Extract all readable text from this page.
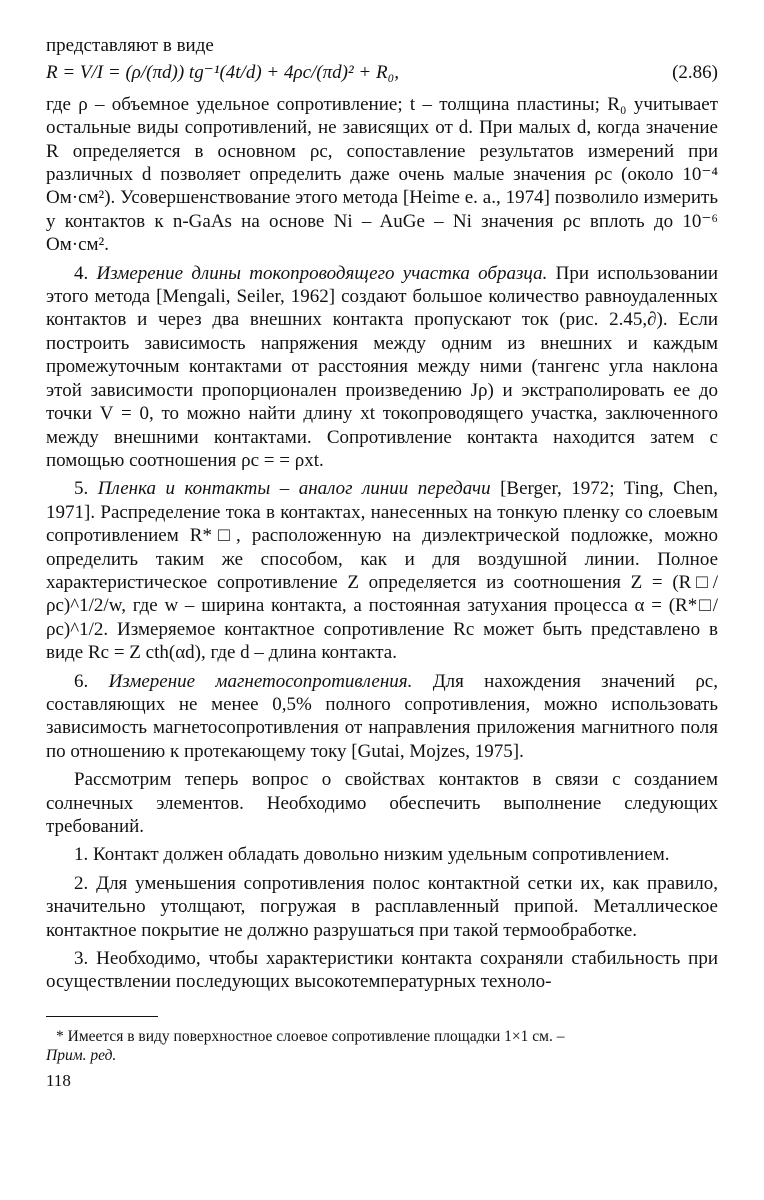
представляют в виде

R = V/I = (ρ/(πd)) tg⁻¹(4t/d) + 4ρc/(πd)² + R₀,	(2.86)

где ρ – объемное удельное сопротивление; t – толщина пластины; R₀ учитывает остальные виды сопротивлений, не зависящих от d. При малых d, когда значение R определяется в основном ρc, сопоставление результатов измерений при различных d позволяет определить даже очень малые значения ρc (около 10⁻⁴ Ом·см²). Усовершенствование этого метода [Heime e. a., 1974] позволило измерить у контактов к n-GaAs на основе Ni – AuGe – Ni значения ρc вплоть до 10⁻⁶ Ом·см².

4. Измерение длины токопроводящего участка образца. При использовании этого метода [Mengali, Seiler, 1962] создают большое количество равноудаленных контактов и через два внешних контакта пропускают ток (рис. 2.45,∂). Если построить зависимость напряжения между одним из внешних и каждым промежуточным контактами от расстояния между ними (тангенс угла наклона этой зависимости пропорционален произведению Jρ) и экстраполировать ее до точки V = 0, то можно найти длину xt токопроводящего участка, заключенного между внешними контактами. Сопротивление контакта находится затем с помощью соотношения ρc = = ρxt.

5. Пленка и контакты – аналог линии передачи [Berger, 1972; Ting, Chen, 1971]. Распределение тока в контактах, нанесенных на тонкую пленку со слоевым сопротивлением R*□, расположенную на диэлектрической подложке, можно определить таким же способом, как и для воздушной линии. Полное характеристическое сопротивление Z определяется из соотношения Z = (R□/ρc)^1/2/w, где w – ширина контакта, а постоянная затухания процесса α = (R*□/ρc)^1/2. Измеряемое контактное сопротивление Rc может быть представлено в виде Rc = Z cth(αd), где d – длина контакта.

6. Измерение магнетосопротивления. Для нахождения значений ρc, составляющих не менее 0,5% полного сопротивления, можно использовать зависимость магнетосопротивления от направления приложения магнитного поля по отношению к протекающему току [Gutai, Mojzes, 1975].

Рассмотрим теперь вопрос о свойствах контактов в связи с созданием солнечных элементов. Необходимо обеспечить выполнение следующих требований.

1. Контакт должен обладать довольно низким удельным сопротивлением.

2. Для уменьшения сопротивления полос контактной сетки их, как правило, значительно утолщают, погружая в расплавленный припой. Металлическое контактное покрытие не должно разрушаться при такой термообработке.

3. Необходимо, чтобы характеристики контакта сохраняли стабильность при осуществлении последующих высокотемпературных техноло-

* Имеется в виду поверхностное слоевое сопротивление площадки 1×1 см. –
Прим. ред.

118
